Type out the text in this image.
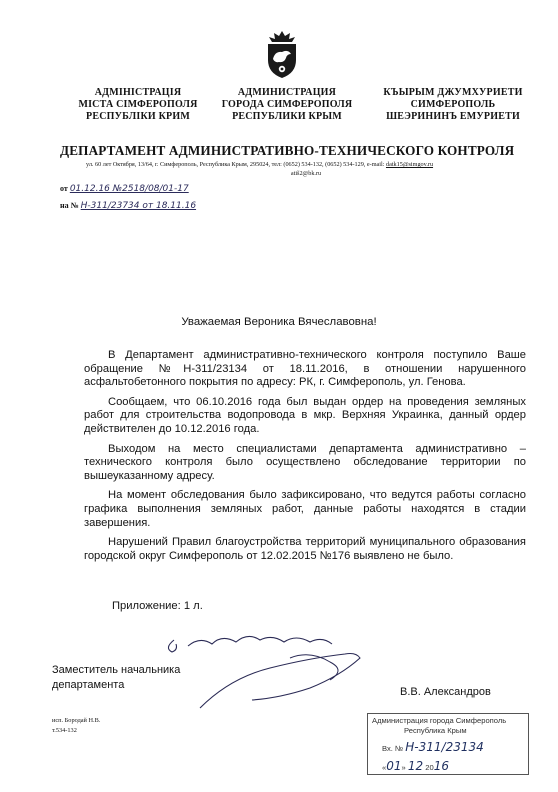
АДМІНІСТРАЦІЯ
МІСТА СІМФЕРОПОЛЯ
РЕСПУБЛІКИ КРИМ
АДМИНИСТРАЦИЯ
ГОРОДА СИМФЕРОПОЛЯ
РЕСПУБЛИКИ КРЫМ
КЪЫРЫМ ДЖУМХУРИЕТИ
СИМФЕРОПОЛЬ
ШЕЭРИНИНЪ ЕМУРИЕТИ
ДЕПАРТАМЕНТ АДМИНИСТРАТИВНО-ТЕХНИЧЕСКОГО КОНТРОЛЯ
ул. 60 лет Октября, 13/64, г. Симферополь, Республика Крым, 295024, тел: (0652) 534-132, (0652) 534-129, e-mail: datk15@simgov.ru
atiš2@bk.ru
от 01.12.16 №2518/08/01-17
на № Н-311/23734 от 18.11.16
Уважаемая Вероника Вячеславовна!

В Департамент административно-технического контроля поступило Ваше обращение №Н-311/23134 от 18.11.2016, в отношении нарушенного асфальтобетонного покрытия по адресу: РК, г. Симферополь, ул. Генова.

Сообщаем, что 06.10.2016 года был выдан ордер на проведения земляных работ для строительства водопровода в мкр. Верхняя Украинка, данный ордер действителен до 10.12.2016 года.

Выходом на место специалистами департамента административно – технического контроля было осуществлено обследование территории по вышеуказанному адресу.

На момент обследования было зафиксировано, что ведутся работы согласно графика выполнения земляных работ, данные работы находятся в стадии завершения.

Нарушений Правил благоустройства территорий муниципального образования городской округ Симферополь от 12.02.2015 №176 выявлено не было.

Приложение: 1 л.
Заместитель начальника
департамента
В.В. Александров
исп. Бородай Н.В.
т.534-132
Администрация города Симферополь
Республика Крым
Вх. № Н-311/23134
«01» 12 2016
